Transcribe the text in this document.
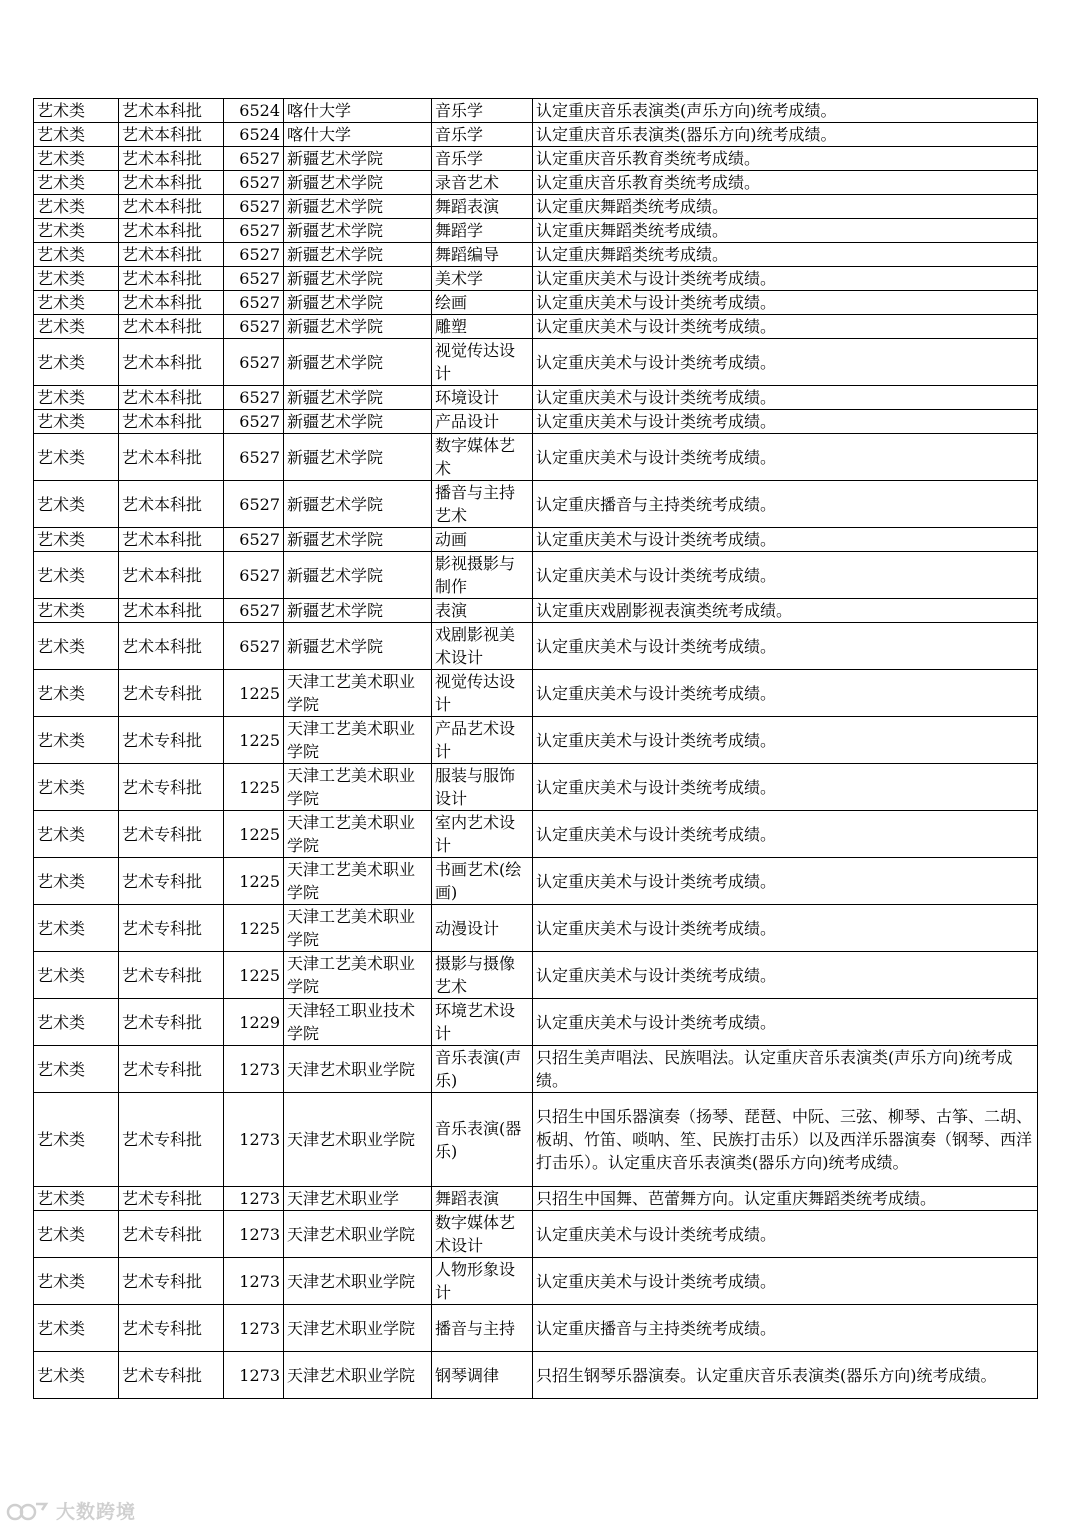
艺术类	艺术本科批	6524	喀什大学	音乐学	认定重庆音乐表演类(声乐方向)统考成绩。
艺术类	艺术本科批	6524	喀什大学	音乐学	认定重庆音乐表演类(器乐方向)统考成绩。
艺术类	艺术本科批	6527	新疆艺术学院	音乐学	认定重庆音乐教育类统考成绩。
艺术类	艺术本科批	6527	新疆艺术学院	录音艺术	认定重庆音乐教育类统考成绩。
艺术类	艺术本科批	6527	新疆艺术学院	舞蹈表演	认定重庆舞蹈类统考成绩。
艺术类	艺术本科批	6527	新疆艺术学院	舞蹈学	认定重庆舞蹈类统考成绩。
艺术类	艺术本科批	6527	新疆艺术学院	舞蹈编导	认定重庆舞蹈类统考成绩。
艺术类	艺术本科批	6527	新疆艺术学院	美术学	认定重庆美术与设计类统考成绩。
艺术类	艺术本科批	6527	新疆艺术学院	绘画	认定重庆美术与设计类统考成绩。
艺术类	艺术本科批	6527	新疆艺术学院	雕塑	认定重庆美术与设计类统考成绩。
艺术类	艺术本科批	6527	新疆艺术学院	视觉传达设计	认定重庆美术与设计类统考成绩。
艺术类	艺术本科批	6527	新疆艺术学院	环境设计	认定重庆美术与设计类统考成绩。
艺术类	艺术本科批	6527	新疆艺术学院	产品设计	认定重庆美术与设计类统考成绩。
艺术类	艺术本科批	6527	新疆艺术学院	数字媒体艺术	认定重庆美术与设计类统考成绩。
艺术类	艺术本科批	6527	新疆艺术学院	播音与主持艺术	认定重庆播音与主持类统考成绩。
艺术类	艺术本科批	6527	新疆艺术学院	动画	认定重庆美术与设计类统考成绩。
艺术类	艺术本科批	6527	新疆艺术学院	影视摄影与制作	认定重庆美术与设计类统考成绩。
艺术类	艺术本科批	6527	新疆艺术学院	表演	认定重庆戏剧影视表演类统考成绩。
艺术类	艺术本科批	6527	新疆艺术学院	戏剧影视美术设计	认定重庆美术与设计类统考成绩。
艺术类	艺术专科批	1225	天津工艺美术职业学院	视觉传达设计	认定重庆美术与设计类统考成绩。
艺术类	艺术专科批	1225	天津工艺美术职业学院	产品艺术设计	认定重庆美术与设计类统考成绩。
艺术类	艺术专科批	1225	天津工艺美术职业学院	服装与服饰设计	认定重庆美术与设计类统考成绩。
艺术类	艺术专科批	1225	天津工艺美术职业学院	室内艺术设计	认定重庆美术与设计类统考成绩。
艺术类	艺术专科批	1225	天津工艺美术职业学院	书画艺术(绘画)	认定重庆美术与设计类统考成绩。
艺术类	艺术专科批	1225	天津工艺美术职业学院	动漫设计	认定重庆美术与设计类统考成绩。
艺术类	艺术专科批	1225	天津工艺美术职业学院	摄影与摄像艺术	认定重庆美术与设计类统考成绩。
艺术类	艺术专科批	1229	天津轻工职业技术学院	环境艺术设计	认定重庆美术与设计类统考成绩。
艺术类	艺术专科批	1273	天津艺术职业学院	音乐表演(声乐)	只招生美声唱法、民族唱法。认定重庆音乐表演类(声乐方向)统考成绩。
艺术类	艺术专科批	1273	天津艺术职业学院	音乐表演(器乐)	只招生中国乐器演奏（扬琴、琵琶、中阮、三弦、柳琴、古筝、二胡、板胡、竹笛、唢呐、笙、民族打击乐）以及西洋乐器演奏（钢琴、西洋打击乐）。认定重庆音乐表演类(器乐方向)统考成绩。
艺术类	艺术专科批	1273	天津艺术职业学	舞蹈表演	只招生中国舞、芭蕾舞方向。认定重庆舞蹈类统考成绩。
艺术类	艺术专科批	1273	天津艺术职业学院	数字媒体艺术设计	认定重庆美术与设计类统考成绩。
艺术类	艺术专科批	1273	天津艺术职业学院	人物形象设计	认定重庆美术与设计类统考成绩。
艺术类	艺术专科批	1273	天津艺术职业学院	播音与主持	认定重庆播音与主持类统考成绩。
艺术类	艺术专科批	1273	天津艺术职业学院	钢琴调律	只招生钢琴乐器演奏。认定重庆音乐表演类(器乐方向)统考成绩。
大数跨境
